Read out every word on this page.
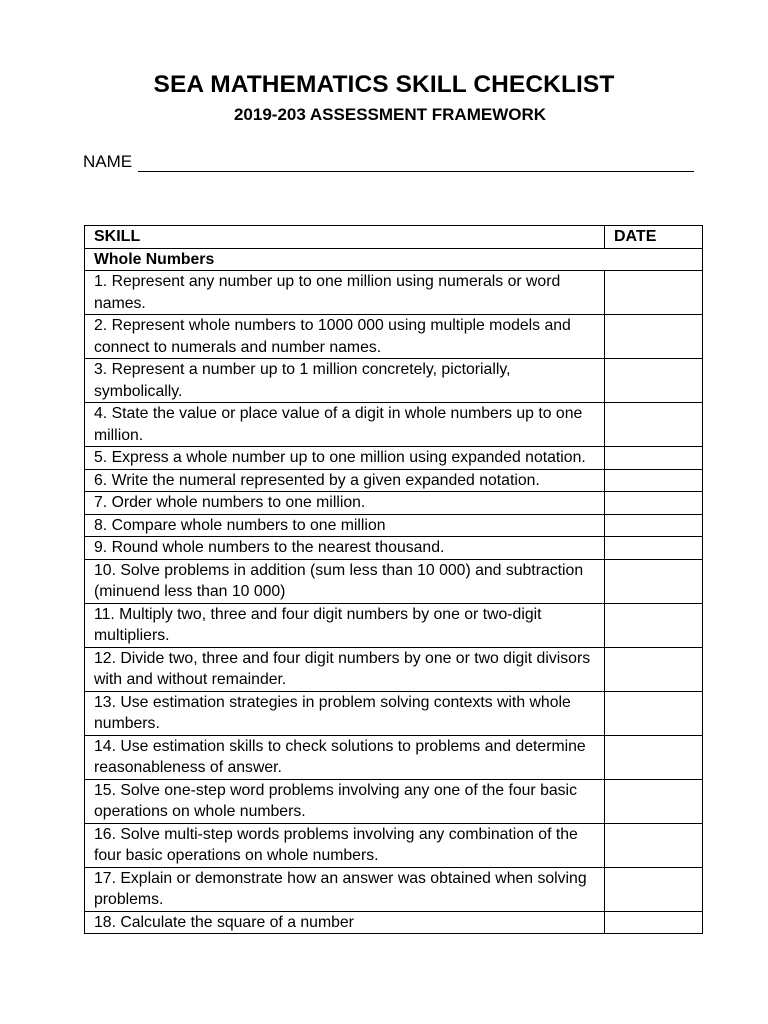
SEA MATHEMATICS SKILL CHECKLIST
2019-203 ASSESSMENT FRAMEWORK
NAME
SKILL	DATE
Whole Numbers	
1. Represent any number up to one million using numerals or word names.	
2. Represent whole numbers to 1000 000 using multiple models and connect to numerals and number names.	
3. Represent a number up to 1 million concretely, pictorially, symbolically.	
4. State the value or place value of a digit in whole numbers up to one million.	
5. Express a whole number up to one million using expanded notation.	
6. Write the numeral represented by a given expanded notation.	
7. Order whole numbers to one million.	
8. Compare whole numbers to one million	
9. Round whole numbers to the nearest thousand.	
10. Solve problems in addition (sum less than 10 000) and subtraction (minuend less than 10 000)	
11. Multiply two, three and four digit numbers by one or two-digit multipliers.	
12. Divide two, three and four digit numbers by one or two digit divisors with and without remainder.	
13. Use estimation strategies in problem solving contexts with whole numbers.	
14. Use estimation skills to check solutions to problems and determine reasonableness of answer.	
15. Solve one-step word problems involving any one of the four basic operations on whole numbers.	
16. Solve multi-step words problems involving any combination of the four basic operations on whole numbers.	
17. Explain or demonstrate how an answer was obtained when solving problems.	
18. Calculate the square of a number	
